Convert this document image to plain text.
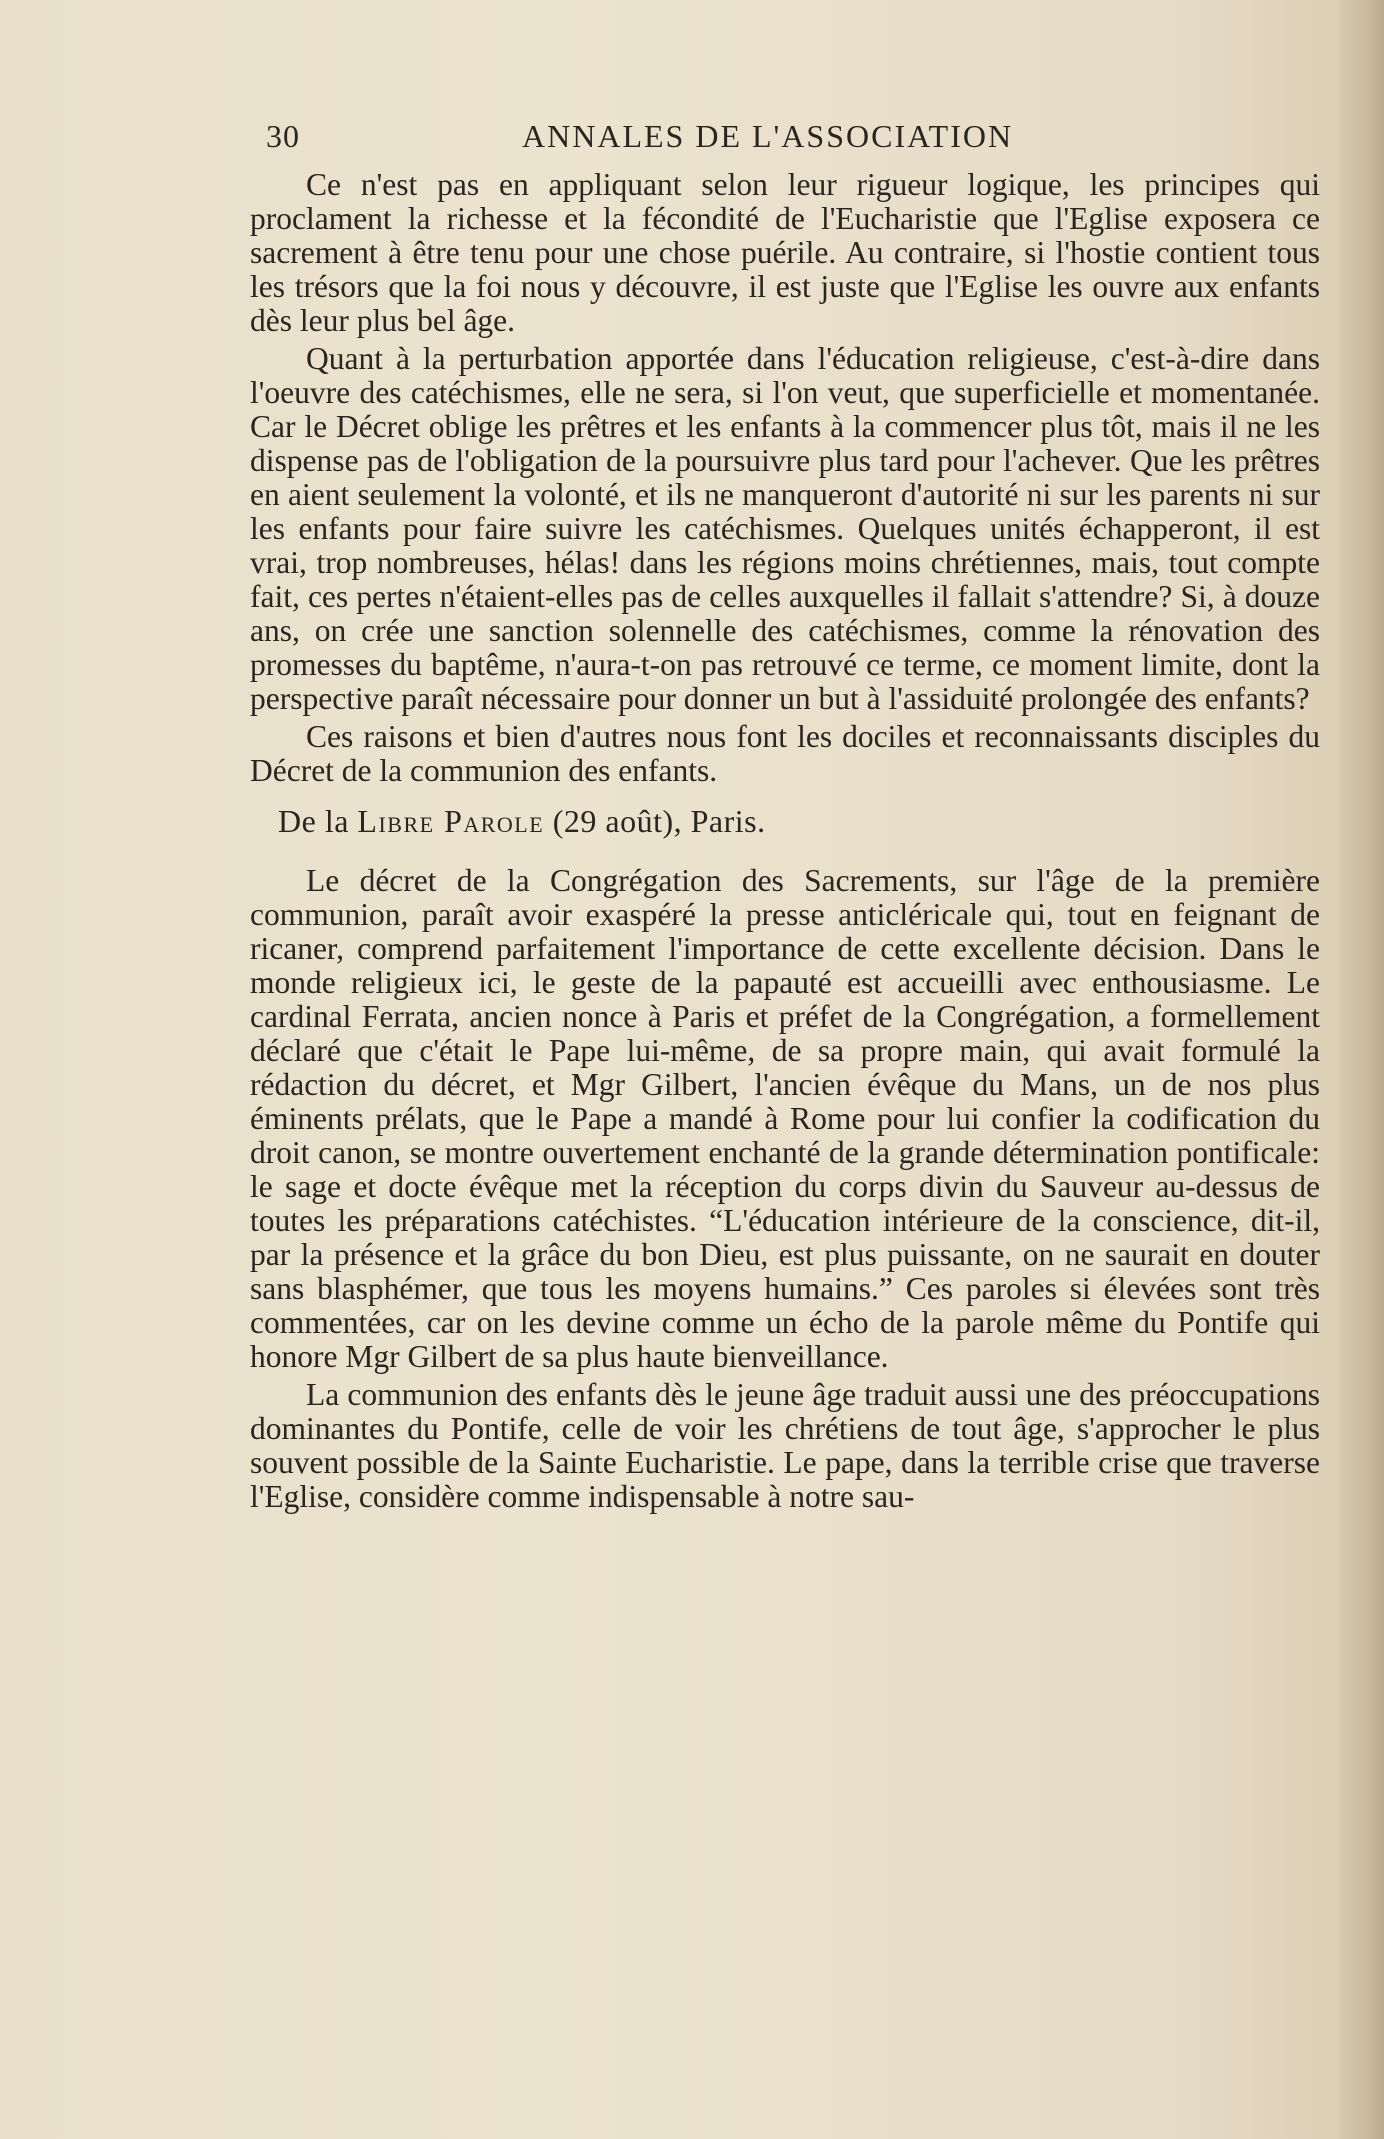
30	ANNALES DE L'ASSOCIATION

Ce n'est pas en appliquant selon leur rigueur logique, les principes qui proclament la richesse et la fécondité de l'Eucharistie que l'Eglise exposera ce sacrement à être tenu pour une chose puérile. Au contraire, si l'hostie contient tous les trésors que la foi nous y découvre, il est juste que l'Eglise les ouvre aux enfants dès leur plus bel âge.

Quant à la perturbation apportée dans l'éducation religieuse, c'est-à-dire dans l'oeuvre des catéchismes, elle ne sera, si l'on veut, que superficielle et momentanée. Car le Décret oblige les prêtres et les enfants à la commencer plus tôt, mais il ne les dispense pas de l'obligation de la poursuivre plus tard pour l'achever. Que les prêtres en aient seulement la volonté, et ils ne manqueront d'autorité ni sur les parents ni sur les enfants pour faire suivre les catéchismes. Quelques unités échapperont, il est vrai, trop nombreuses, hélas! dans les régions moins chrétiennes, mais, tout compte fait, ces pertes n'étaient-elles pas de celles auxquelles il fallait s'attendre? Si, à douze ans, on crée une sanction solennelle des catéchismes, comme la rénovation des promesses du baptême, n'aura-t-on pas retrouvé ce terme, ce moment limite, dont la perspective paraît nécessaire pour donner un but à l'assiduité prolongée des enfants?

Ces raisons et bien d'autres nous font les dociles et reconnaissants disciples du Décret de la communion des enfants.

De la Libre Parole (29 août), Paris.

Le décret de la Congrégation des Sacrements, sur l'âge de la première communion, paraît avoir exaspéré la presse anticléricale qui, tout en feignant de ricaner, comprend parfaitement l'importance de cette excellente décision. Dans le monde religieux ici, le geste de la papauté est accueilli avec enthousiasme. Le cardinal Ferrata, ancien nonce à Paris et préfet de la Congrégation, a formellement déclaré que c'était le Pape lui-même, de sa propre main, qui avait formulé la rédaction du décret, et Mgr Gilbert, l'ancien évêque du Mans, un de nos plus éminents prélats, que le Pape a mandé à Rome pour lui confier la codification du droit canon, se montre ouvertement enchanté de la grande détermination pontificale: le sage et docte évêque met la réception du corps divin du Sauveur au-dessus de toutes les préparations catéchistes. “L'éducation intérieure de la conscience, dit-il, par la présence et la grâce du bon Dieu, est plus puissante, on ne saurait en douter sans blasphémer, que tous les moyens humains.” Ces paroles si élevées sont très commentées, car on les devine comme un écho de la parole même du Pontife qui honore Mgr Gilbert de sa plus haute bienveillance.

La communion des enfants dès le jeune âge traduit aussi une des préoccupations dominantes du Pontife, celle de voir les chrétiens de tout âge, s'approcher le plus souvent possible de la Sainte Eucharistie. Le pape, dans la terrible crise que traverse l'Eglise, considère comme indispensable à notre sau-
